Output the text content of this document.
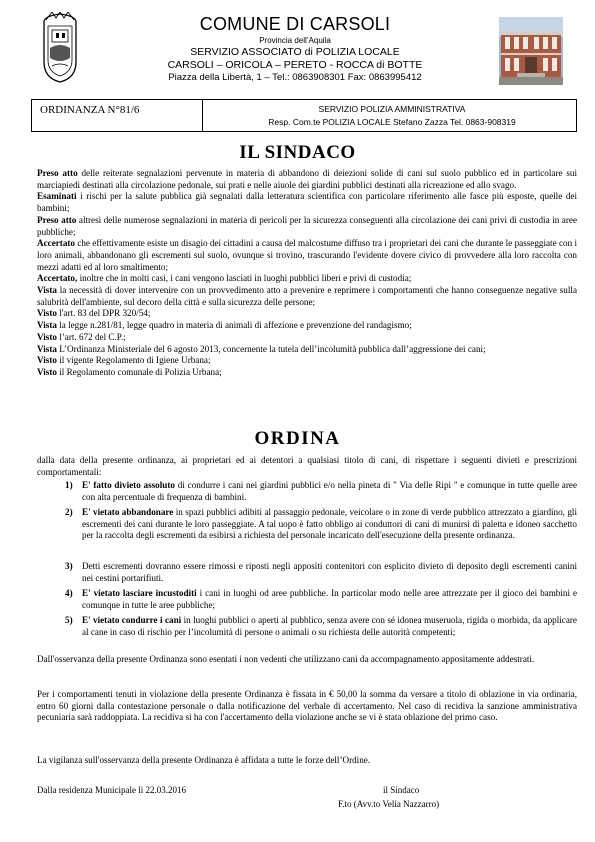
COMUNE DI CARSOLI
Provincia dell’Aquila
SERVIZIO ASSOCIATO di POLIZIA LOCALE
CARSOLI – ORICOLA – PERETO - ROCCA di BOTTE
Piazza della Libertà, 1 – Tel.: 0863908301 Fax: 0863995412
ORDINANZA N°81/6	SERVIZIO POLIZIA AMMINISTRATIVA
Resp. Com.te POLIZIA LOCALE Stefano Zazza Tel. 0863-908319
IL SINDACO
Preso atto delle reiterate segnalazioni pervenute in materia di abbandono di deiezioni solide di cani sul suolo pubblico ed in particolare sui marciapiedi destinati alla circolazione pedonale, sui prati e nelle aiuole dei giardini pubblici destinati alla ricreazione ed allo svago.
Esaminati i rischi per la salute pubblica già segnalati dalla letteratura scientifica con particolare riferimento alle fasce più esposte, quelle dei bambini;
Preso atto altresì delle numerose segnalazioni in materia di pericoli per la sicurezza conseguenti alla circolazione dei cani privi di custodia in aree pubbliche;
Accertato che effettivamente esiste un disagio dei cittadini a causa del malcostume diffuso tra i proprietari dei cani che durante le passeggiate con i loro animali, abbandonano gli escrementi sul suolo, ovunque si trovino, trascurando l'evidente dovere civico di provvedere alla loro raccolta con mezzi adatti ed al loro smaltimento;
Accertato, inoltre che in molti casi, i cani vengono lasciati in luoghi pubblici liberi e privi di custodia;
Vista la necessità di dover intervenire con un provvedimento atto a prevenire e reprimere i comportamenti che hanno conseguenze negative sulla salubrità dell'ambiente, sul decoro della città e sulla sicurezza delle persone;
Visto l'art. 83 del DPR 320/54;
Vista la legge n.281/81, legge quadro in materia di animali di affezione e prevenzione del randagismo;
Visto l’art. 672 del C.P.;
Vista L’Ordinanza Ministeriale del 6 agosto 2013, concernente la tutela dell’incolumità pubblica dall’aggressione dei cani;
Visto il vigente Regolamento di Igiene Urbana;
Visto il Regolamento comunale di Polizia Urbana;
ORDINA
dalla data della presente ordinanza, ai proprietari ed ai detentori a qualsiasi titolo di cani, di rispettare i seguenti divieti e prescrizioni comportamentali:
1) E' fatto divieto assoluto di condurre i cani nei giardini pubblici e/o nella pineta di " Via delle Ripi " e comunque in tutte quelle aree con alta percentuale di frequenza di bambini.
2) E' vietato abbandonare in spazi pubblici adibiti al passaggio pedonale, veicolare o in zone di verde pubblico attrezzato a giardino, gli escrementi dei cani durante le loro passeggiate. A tal uopo è fatto obbligo ai conduttori di cani di munirsi di paletta e idoneo sacchetto per la raccolta degli escrementi da esibirsi a richiesta del personale incaricato dell'esecuzione della presente ordinanza.
3) Detti escrementi dovranno essere rimossi e riposti negli appositi contenitori con esplicito divieto di deposito degli escrementi canini nei cestini portarifiuti.
4) E' vietato lasciare incustoditi i cani in luoghi od aree pubbliche. In particolar modo nelle aree attrezzate per il gioco dei bambini e comunque in tutte le aree pubbliche;
5) E' vietato condurre i cani in luoghi pubblici o aperti al pubblico, senza avere con sé idonea museruola, rigida o morbida, da applicare al cane in caso di rischio per l’incolumità di persone o animali o su richiesta delle autorità competenti;
Dall'osservanza della presente Ordinanza sono esentati i non vedenti che utilizzano cani da accompagnamento appositamente addestrati.
Per i comportamenti tenuti in violazione della presente Ordinanza è fissata in € 50,00 la somma da versare a titolo di oblazione in via ordinaria, entro 60 giorni dalla contestazione personale o dalla notificazione del verbale di accertamento. Nel caso di recidiva la sanzione amministrativa pecuniaria sarà raddoppiata. La recidiva si ha con l'accertamento della violazione anche se vi è stata oblazione del primo caso.
La vigilanza sull'osservanza della presente Ordinanza è affidata a tutte le forze dell’Ordine.
Dalla residenza Municipale lì 22.03.2016	il Sindaco
F.to (Avv.to Velia Nazzarro)
